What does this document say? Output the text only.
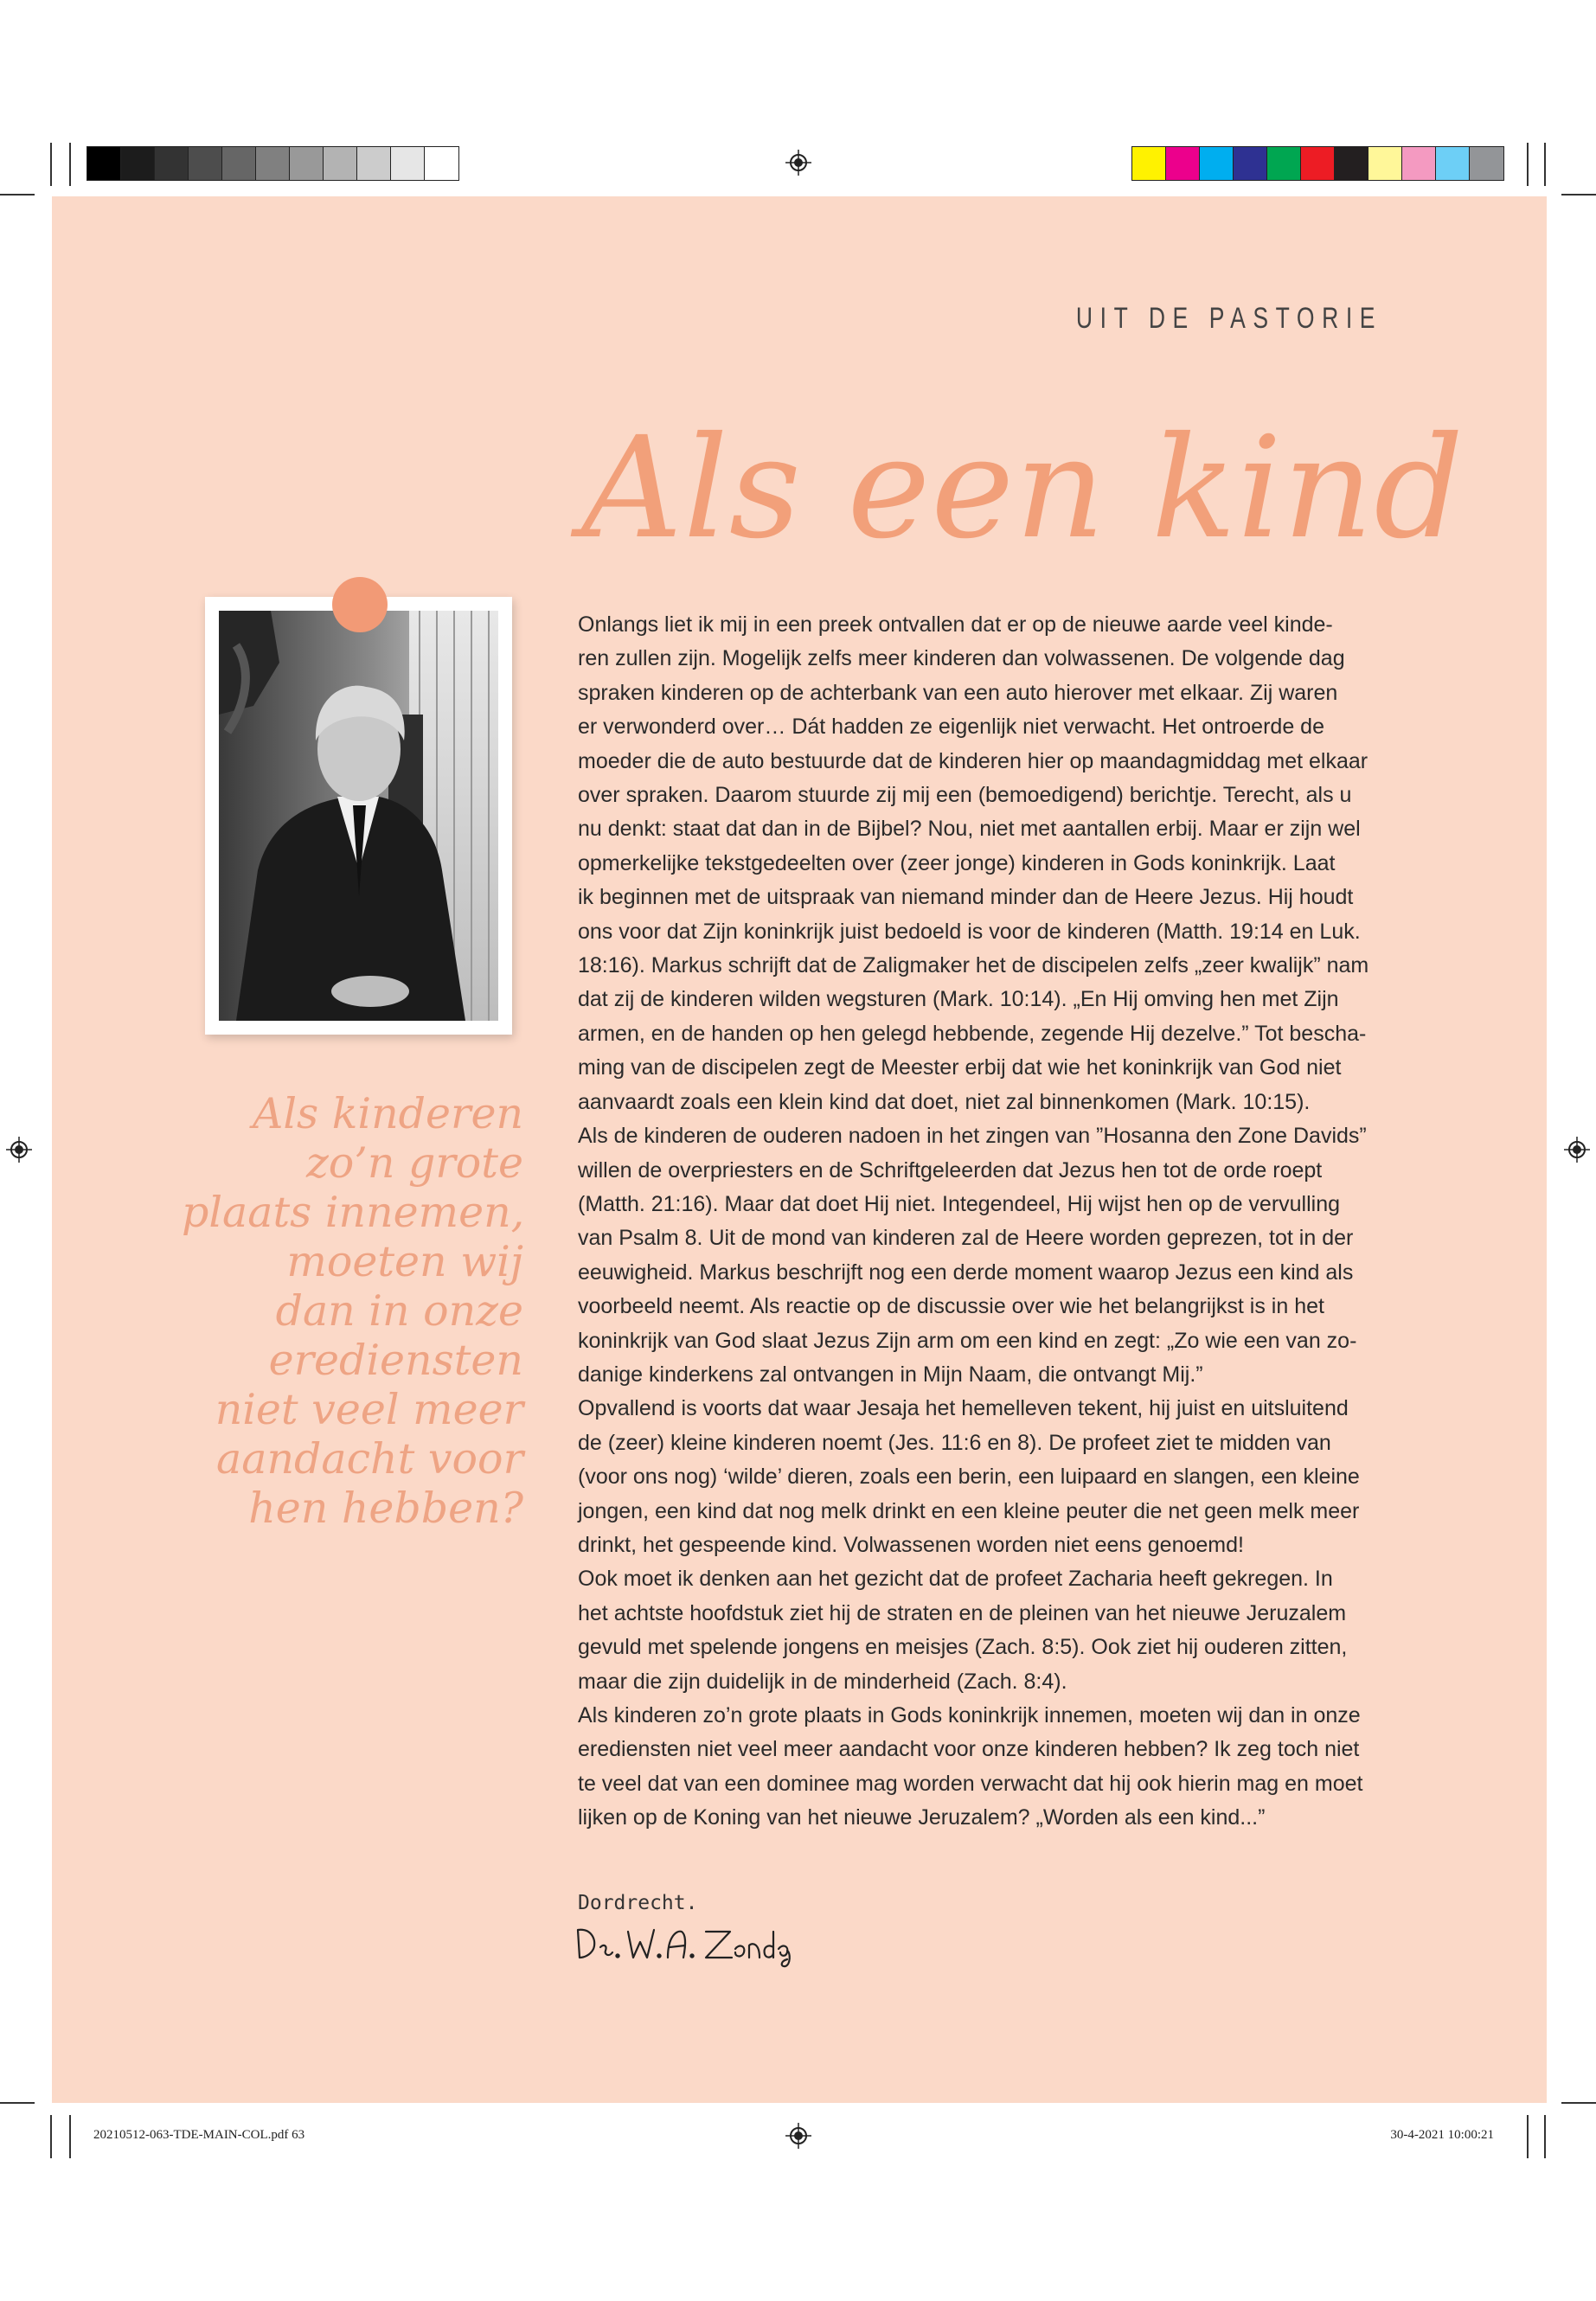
UIT DE PASTORIE
Als een kind
Als kinderen
zo’n grote
plaats innemen,
moeten wij
dan in onze
erediensten
niet veel meer
aandacht voor
hen hebben?
Onlangs liet ik mij in een preek ontvallen dat er op de nieuwe aarde veel kinde-
ren zullen zijn. Mogelijk zelfs meer kinderen dan volwassenen. De volgende dag
spraken kinderen op de achterbank van een auto hierover met elkaar. Zij waren
er verwonderd over… Dát hadden ze eigenlijk niet verwacht. Het ontroerde de
moeder die de auto bestuurde dat de kinderen hier op maandagmiddag met elkaar
over spraken. Daarom stuurde zij mij een (bemoedigend) berichtje. Terecht, als u
nu denkt: staat dat dan in de Bijbel? Nou, niet met aantallen erbij. Maar er zijn wel
opmerkelijke tekstgedeelten over (zeer jonge) kinderen in Gods koninkrijk. Laat
ik beginnen met de uitspraak van niemand minder dan de Heere Jezus. Hij houdt
ons voor dat Zijn koninkrijk juist bedoeld is voor de kinderen (Matth. 19:14 en Luk.
18:16). Markus schrijft dat de Zaligmaker het de discipelen zelfs „zeer kwalijk” nam
dat zij de kinderen wilden wegsturen (Mark. 10:14). „En Hij omving hen met Zijn
armen, en de handen op hen gelegd hebbende, zegende Hij dezelve.” Tot bescha-
ming van de discipelen zegt de Meester erbij dat wie het koninkrijk van God niet
aanvaardt zoals een klein kind dat doet, niet zal binnenkomen (Mark. 10:15).
Als de kinderen de ouderen nadoen in het zingen van ”Hosanna den Zone Davids”
willen de overpriesters en de Schriftgeleerden dat Jezus hen tot de orde roept
(Matth. 21:16). Maar dat doet Hij niet. Integendeel, Hij wijst hen op de vervulling
van Psalm 8. Uit de mond van kinderen zal de Heere worden geprezen, tot in der
eeuwigheid. Markus beschrijft nog een derde moment waarop Jezus een kind als
voorbeeld neemt. Als reactie op de discussie over wie het belangrijkst is in het
koninkrijk van God slaat Jezus Zijn arm om een kind en zegt: „Zo wie een van zo-
danige kinderkens zal ontvangen in Mijn Naam, die ontvangt Mij.”
Opvallend is voorts dat waar Jesaja het hemelleven tekent, hij juist en uitsluitend
de (zeer) kleine kinderen noemt (Jes. 11:6 en 8). De profeet ziet te midden van
(voor ons nog) ‘wilde’ dieren, zoals een berin, een luipaard en slangen, een kleine
jongen, een kind dat nog melk drinkt en een kleine peuter die net geen melk meer
drinkt, het gespeende kind. Volwassenen worden niet eens genoemd!
Ook moet ik denken aan het gezicht dat de profeet Zacharia heeft gekregen. In
het achtste hoofdstuk ziet hij de straten en de pleinen van het nieuwe Jeruzalem
gevuld met spelende jongens en meisjes (Zach. 8:5). Ook ziet hij ouderen zitten,
maar die zijn duidelijk in de minderheid (Zach. 8:4).
Als kinderen zo’n grote plaats in Gods koninkrijk innemen, moeten wij dan in onze
erediensten niet veel meer aandacht voor onze kinderen hebben? Ik zeg toch niet
te veel dat van een dominee mag worden verwacht dat hij ook hierin mag en moet
lijken op de Koning van het nieuwe Jeruzalem? „Worden als een kind...”
Dordrecht.
20210512-063-TDE-MAIN-COL.pdf 63	30-4-2021 10:00:21
